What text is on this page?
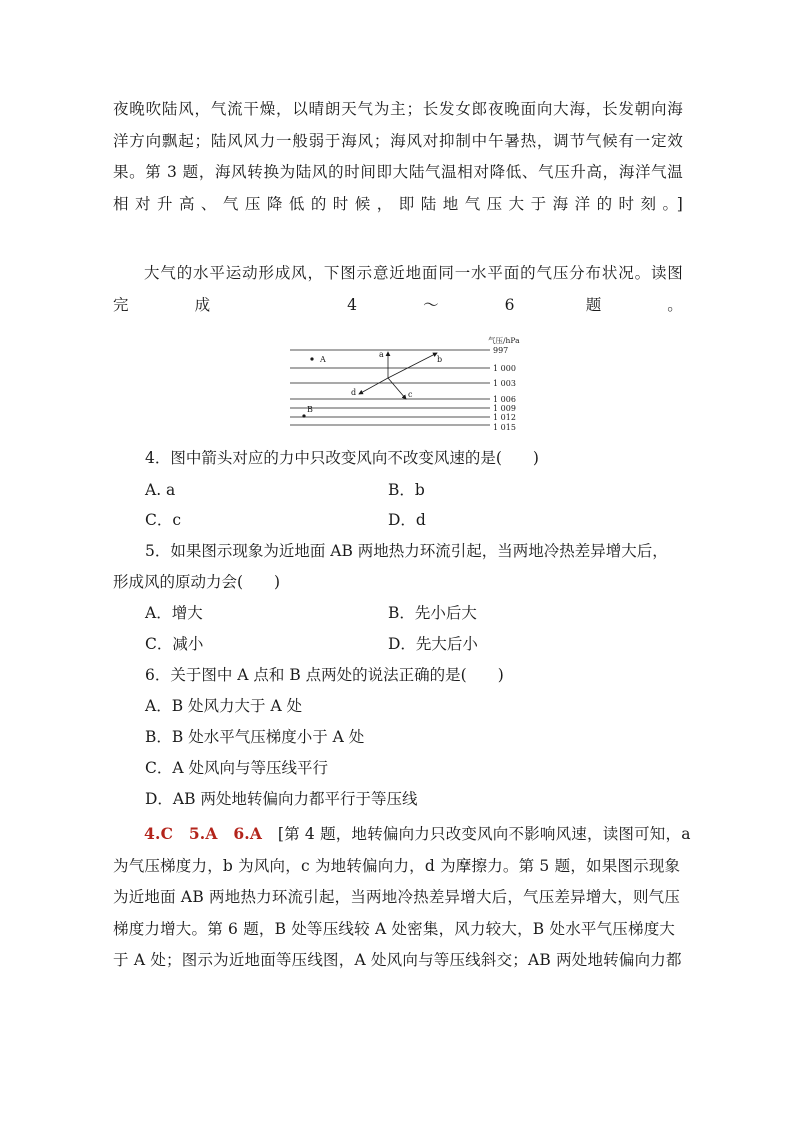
夜晚吹陆风，气流干燥，以晴朗天气为主；长发女郎夜晚面向大海，长发朝向海
洋方向飘起；陆风风力一般弱于海风；海风对抑制中午暑热，调节气候有一定效
果。第 3 题，海风转换为陆风的时间即大陆气温相对降低、气压升高，海洋气温
相对升高、气压降低的时候，即陆地气压大于海洋的时刻。]
大气的水平运动形成风，下图示意近地面同一水平面的气压分布状况。读图
完成 4～6 题。
气压/hPa
997
1 000
1 003
1 006
1 009
1 012
1 015
A
B
a
b
c
d
4．图中箭头对应的力中只改变风向不改变风速的是(　　)
A. a	B．b
C．c	D．d
5．如果图示现象为近地面 AB 两地热力环流引起，当两地冷热差异增大后，
形成风的原动力会(　　)
A．增大	B．先小后大
C．减小	D．先大后小
6．关于图中 A 点和 B 点两处的说法正确的是(　　)
A．B 处风力大于 A 处
B．B 处水平气压梯度小于 A 处
C．A 处风向与等压线平行
D．AB 两处地转偏向力都平行于等压线
4.C　5.A　6.A　 [第 4 题，地转偏向力只改变风向不影响风速，读图可知，a
为气压梯度力，b 为风向，c 为地转偏向力，d 为摩擦力。第 5 题，如果图示现象
为近地面 AB 两地热力环流引起，当两地冷热差异增大后，气压差异增大，则气压
梯度力增大。第 6 题，B 处等压线较 A 处密集，风力较大，B 处水平气压梯度大
于 A 处；图示为近地面等压线图，A 处风向与等压线斜交；AB 两处地转偏向力都
